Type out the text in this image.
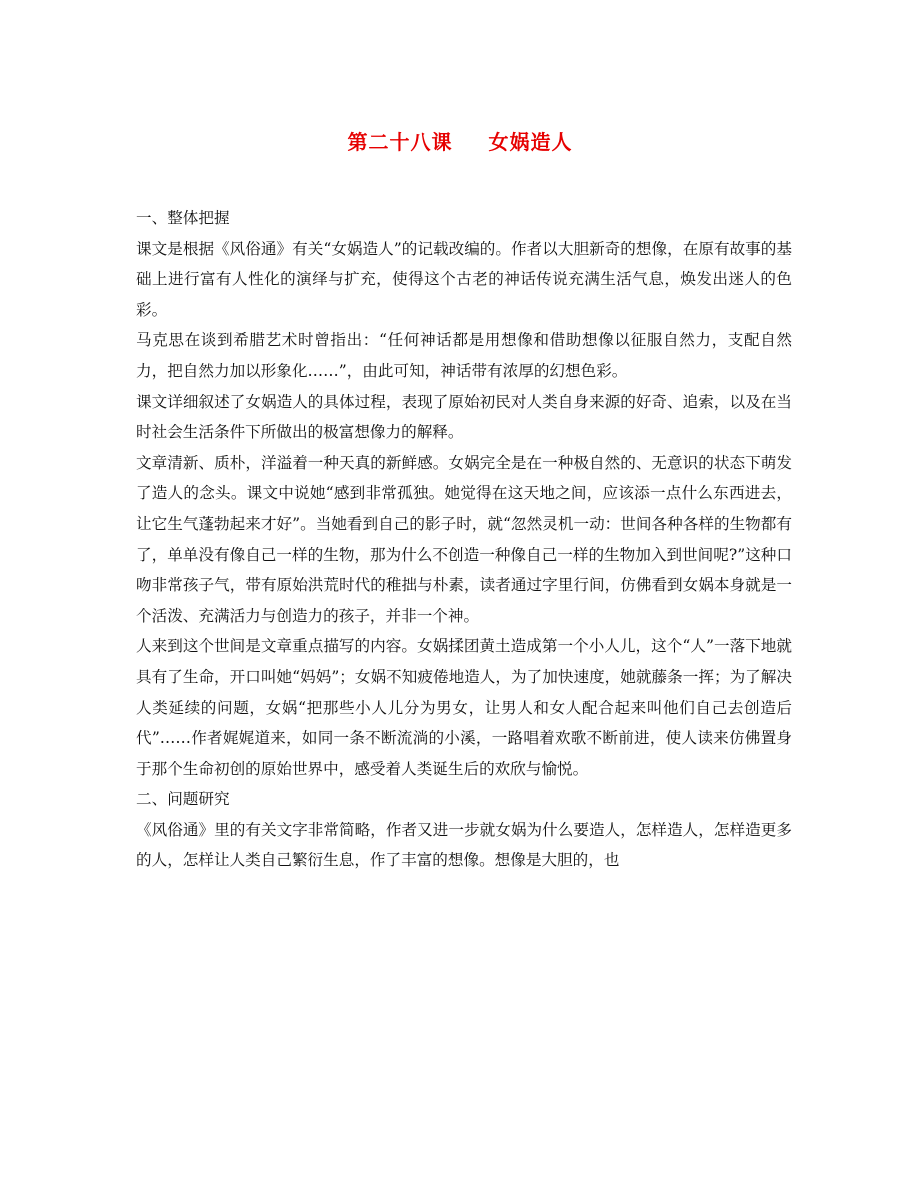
第二十八课 女娲造人
一、整体把握

课文是根据《风俗通》有关“女娲造人”的记载改编的。作者以大胆新奇的想像，在原有故事的基础上进行富有人性化的演绎与扩充，使得这个古老的神话传说充满生活气息，焕发出迷人的色彩。

马克思在谈到希腊艺术时曾指出：“任何神话都是用想像和借助想像以征服自然力，支配自然力，把自然力加以形象化……”，由此可知，神话带有浓厚的幻想色彩。

课文详细叙述了女娲造人的具体过程，表现了原始初民对人类自身来源的好奇、追索，以及在当时社会生活条件下所做出的极富想像力的解释。

文章清新、质朴，洋溢着一种天真的新鲜感。女娲完全是在一种极自然的、无意识的状态下萌发了造人的念头。课文中说她“感到非常孤独。她觉得在这天地之间，应该添一点什么东西进去，让它生气蓬勃起来才好”。当她看到自己的影子时，就“忽然灵机一动：世间各种各样的生物都有了，单单没有像自己一样的生物，那为什么不创造一种像自己一样的生物加入到世间呢?”这种口吻非常孩子气，带有原始洪荒时代的稚拙与朴素，读者通过字里行间，仿佛看到女娲本身就是一个活泼、充满活力与创造力的孩子，并非一个神。

人来到这个世间是文章重点描写的内容。女娲揉团黄土造成第一个小人儿，这个“人”一落下地就具有了生命，开口叫她“妈妈”；女娲不知疲倦地造人，为了加快速度，她就藤条一挥；为了解决人类延续的问题，女娲“把那些小人儿分为男女，让男人和女人配合起来叫他们自己去创造后代”……作者娓娓道来，如同一条不断流淌的小溪，一路唱着欢歌不断前进，使人读来仿佛置身于那个生命初创的原始世界中，感受着人类诞生后的欢欣与愉悦。

二、问题研究

《风俗通》里的有关文字非常简略，作者又进一步就女娲为什么要造人，怎样造人，怎样造更多的人，怎样让人类自己繁衍生息，作了丰富的想像。想像是大胆的，也
